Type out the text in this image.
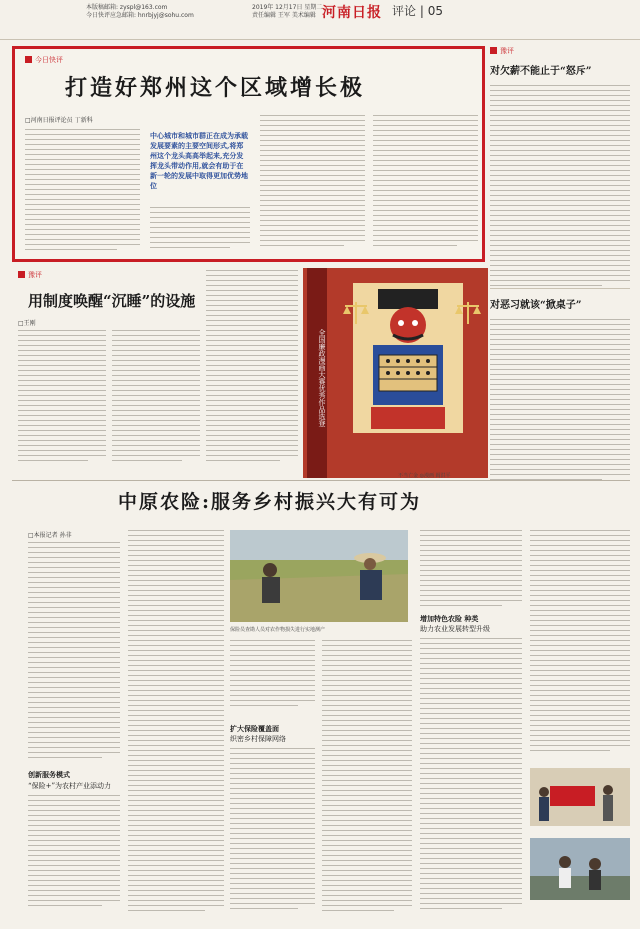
本版稿邮箱: zyspl@163.com
今日快评应急邮箱: hnrbjyj@sohu.com
2019年 12月17日 星期二
责任编辑 王军 美术编辑 河南日报 评论 | 05
今日快评
打造好郑州这个区域增长极
□河南日报评论员 丁新科
中心城市和城市群正在成为承载发展要素的主要空间形式,将郑州这个龙头高高举起来,充分发挥龙头带动作用,就会有助于在新一轮的发展中取得更加优势地位
豫评
对欠薪不能止于“怒斥”
对恶习就该“掀桌子”
豫评
用制度唤醒“沉睡”的设施
□王刚
全国廉政漫画大赛优秀作品选登
不当亡金 ◎漫画 阎洪平
中原农险:服务乡村振兴大有可为
□本报记者 孙非
创新服务模式
“保险+”为农村产业添动力
保险员查勘人员对农作物损失进行实地测产
扩大保险覆盖面
织密乡村保障网络
增加特色农险 种类
助力农业发展转型升级
